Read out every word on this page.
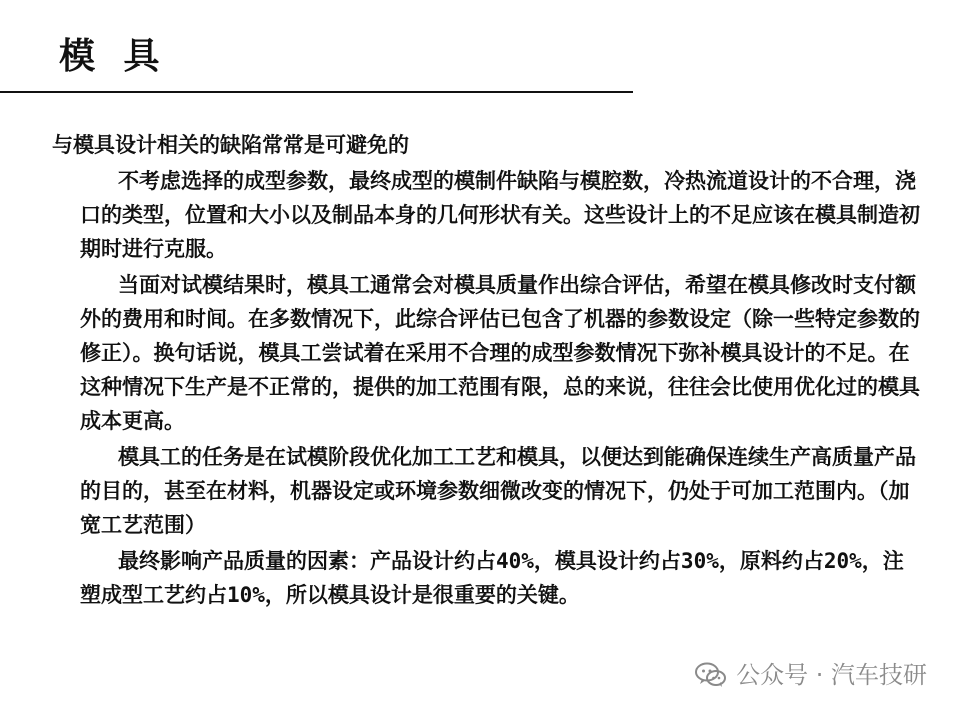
模 具
与模具设计相关的缺陷常常是可避免的
不考虑选择的成型参数，最终成型的模制件缺陷与模腔数，冷热流道设计的不合理，浇口的类型，位置和大小以及制品本身的几何形状有关。这些设计上的不足应该在模具制造初期时进行克服。
当面对试模结果时，模具工通常会对模具质量作出综合评估，希望在模具修改时支付额外的费用和时间。在多数情况下，此综合评估已包含了机器的参数设定（除一些特定参数的修正）。换句话说，模具工尝试着在采用不合理的成型参数情况下弥补模具设计的不足。在这种情况下生产是不正常的，提供的加工范围有限，总的来说，往往会比使用优化过的模具成本更高。
模具工的任务是在试模阶段优化加工工艺和模具，以便达到能确保连续生产高质量产品的目的，甚至在材料，机器设定或环境参数细微改变的情况下，仍处于可加工范围内。（加宽工艺范围）
最终影响产品质量的因素：产品设计约占40%，模具设计约占30%，原料约占20%，注塑成型工艺约占10%，所以模具设计是很重要的关键。
公众号 · 汽车技研
